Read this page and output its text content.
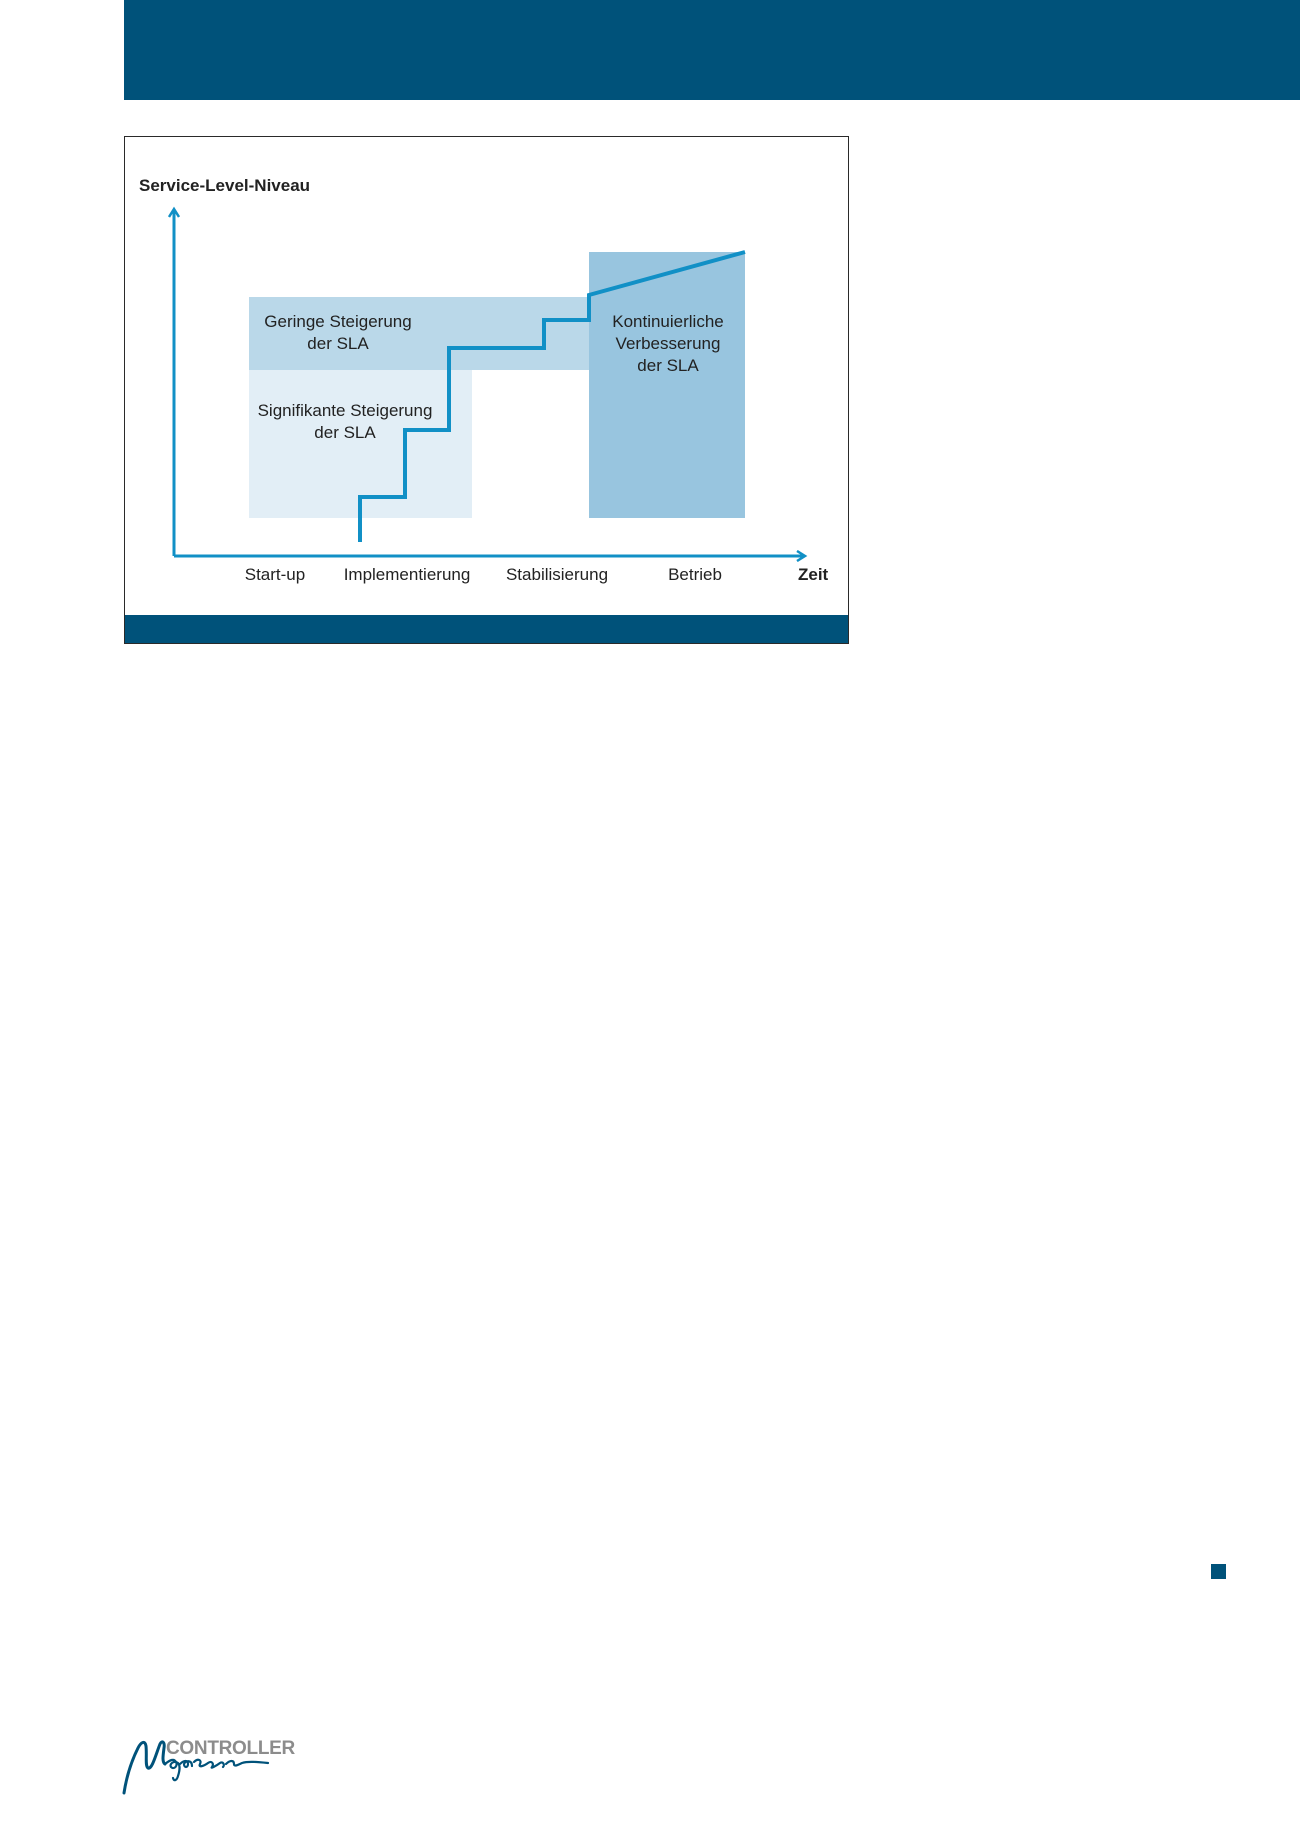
Service-Level-Niveau
Zeit
Start-up Implementierung Stabilisierung	Betrieb
Geringe Steigerung
der SLA
Signifikante Steigerung
der SLA
Kontinuierliche
Verbesserung
der SLA
CONTROLLER
